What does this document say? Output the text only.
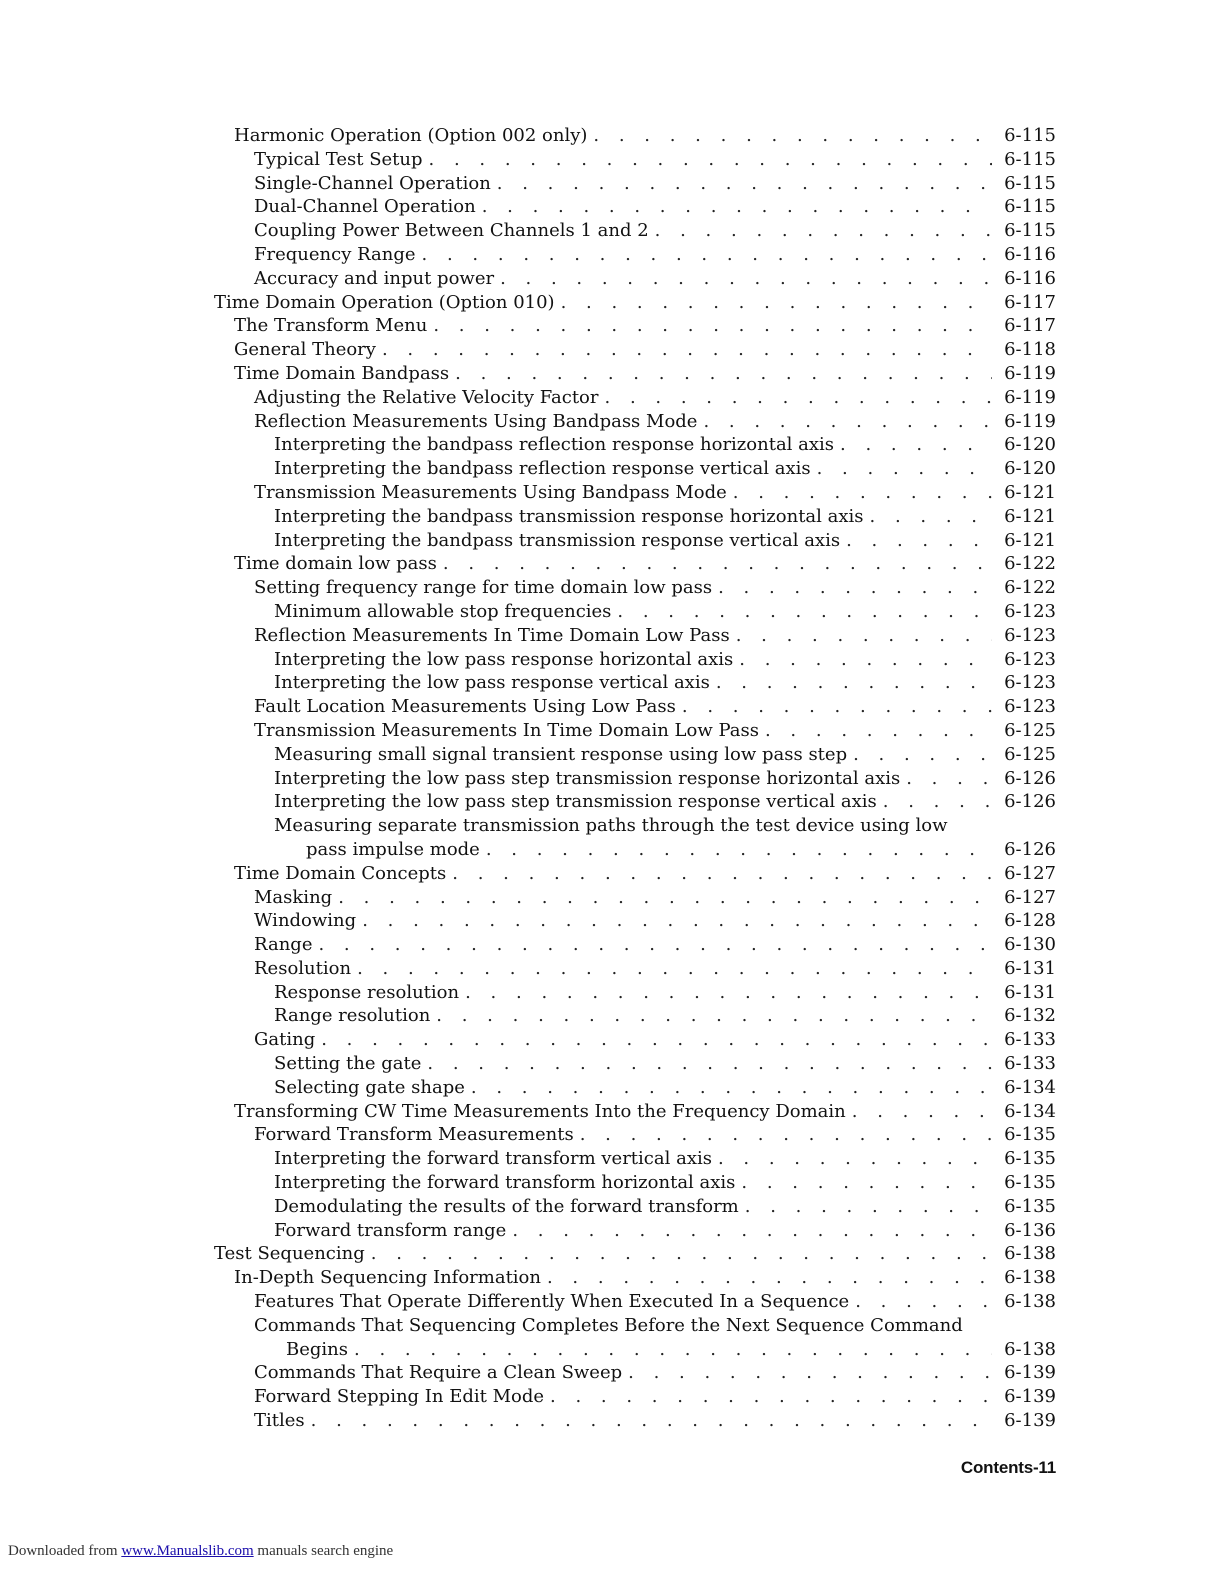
Harmonic Operation (Option 002 only) . . .	6-115
Typical Test Setup . . .	6-115
Single-Channel Operation . . .	6-115
Dual-Channel Operation . . .	6-115
Coupling Power Between Channels 1 and 2 . . .	6-115
Frequency Range . . .	6-116
Accuracy and input power . . .	6-116
Time Domain Operation (Option 010) . . .	6-117
The Transform Menu . . .	6-117
General Theory . . .	6-118
Time Domain Bandpass . . .	6-119
Adjusting the Relative Velocity Factor . . .	6-119
Reflection Measurements Using Bandpass Mode . . .	6-119
Interpreting the bandpass reflection response horizontal axis . . .	6-120
Interpreting the bandpass reflection response vertical axis . . .	6-120
Transmission Measurements Using Bandpass Mode . . .	6-121
Interpreting the bandpass transmission response horizontal axis . . .	6-121
Interpreting the bandpass transmission response vertical axis . . .	6-121
Time domain low pass . . .	6-122
Setting frequency range for time domain low pass . . .	6-122
Minimum allowable stop frequencies . . .	6-123
Reflection Measurements In Time Domain Low Pass . . .	6-123
Interpreting the low pass response horizontal axis . . .	6-123
Interpreting the low pass response vertical axis . . .	6-123
Fault Location Measurements Using Low Pass . . .	6-123
Transmission Measurements In Time Domain Low Pass . . .	6-125
Measuring small signal transient response using low pass step . . .	6-125
Interpreting the low pass step transmission response horizontal axis . . .	6-126
Interpreting the low pass step transmission response vertical axis . . .	6-126
Measuring separate transmission paths through the test device using low
pass impulse mode . . .	6-126
Time Domain Concepts . . .	6-127
Masking . . .	6-127
Windowing . . .	6-128
Range . . .	6-130
Resolution . . .	6-131
Response resolution . . .	6-131
Range resolution . . .	6-132
Gating . . .	6-133
Setting the gate . . .	6-133
Selecting gate shape . . .	6-134
Transforming CW Time Measurements Into the Frequency Domain . . .	6-134
Forward Transform Measurements . . .	6-135
Interpreting the forward transform vertical axis . . .	6-135
Interpreting the forward transform horizontal axis . . .	6-135
Demodulating the results of the forward transform . . .	6-135
Forward transform range . . .	6-136
Test Sequencing . . .	6-138
In-Depth Sequencing Information . . .	6-138
Features That Operate Differently When Executed In a Sequence . . .	6-138
Commands That Sequencing Completes Before the Next Sequence Command
Begins . . .	6-138
Commands That Require a Clean Sweep . . .	6-139
Forward Stepping In Edit Mode . . .	6-139
Titles . . .	6-139
Contents-11
Downloaded from www.Manualslib.com manuals search engine
